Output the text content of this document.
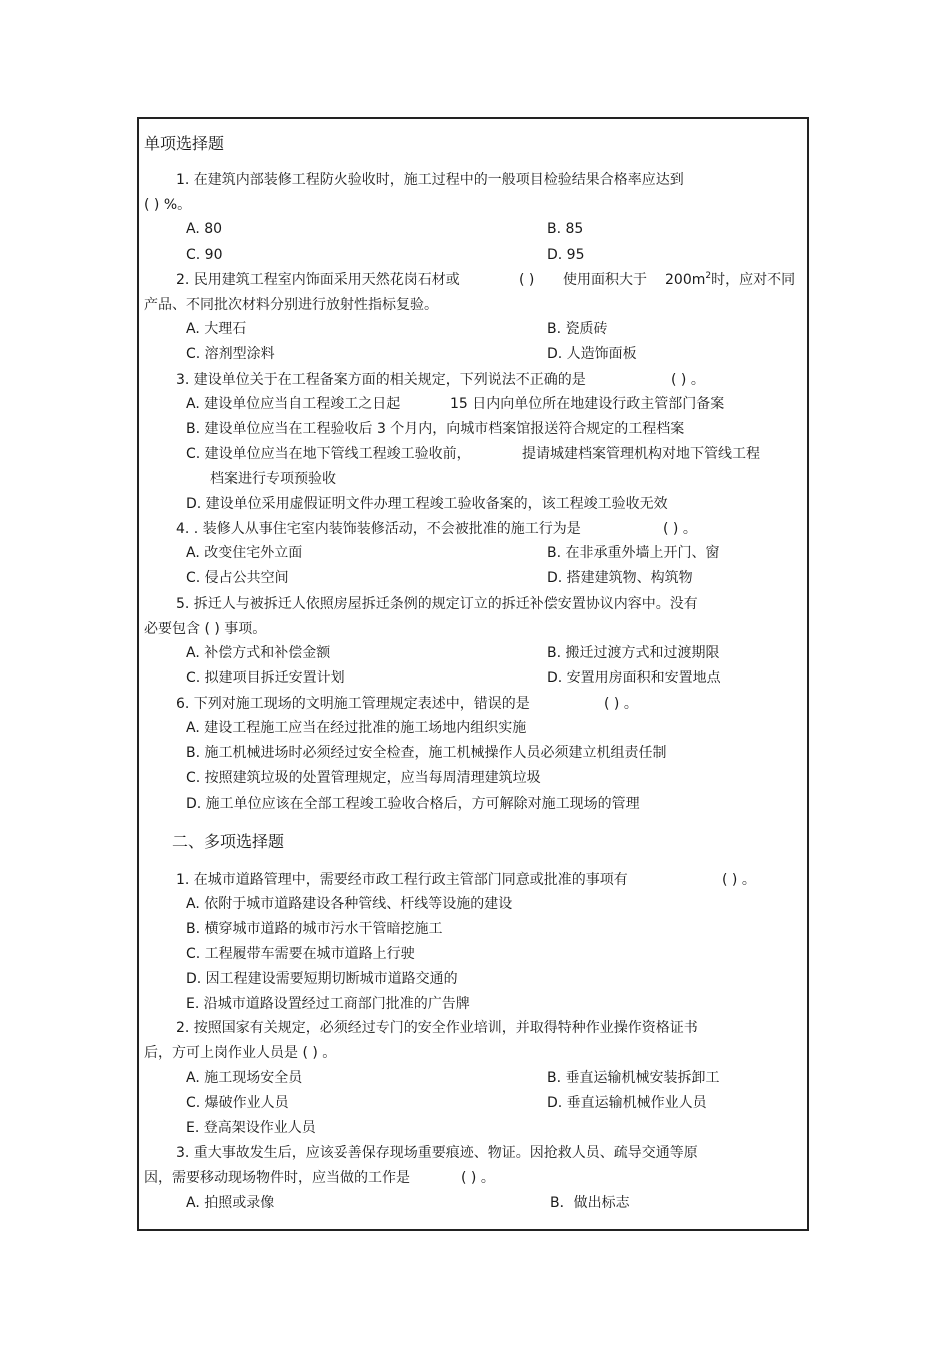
单项选择题
1. 在建筑内部装修工程防火验收时，施工过程中的一般项目检验结果合格率应达到
( ) %。
A. 80	B. 85
C. 90	D. 95
2. 民用建筑工程室内饰面采用天然花岗石材或	( ) 使用面积大于 $200m^2$时，应对不同
产品、不同批次材料分别进行放射性指标复验。
A. 大理石	B. 瓷质砖
C. 溶剂型涂料	D. 人造饰面板
3. 建设单位关于在工程备案方面的相关规定，下列说法不正确的是	( ) 。
A. 建设单位应当自工程竣工之日起	15 日内向单位所在地建设行政主管部门备案
B. 建设单位应当在工程验收后 3 个月内，向城市档案馆报送符合规定的工程档案
C. 建设单位应当在地下管线工程竣工验收前，	提请城建档案管理机构对地下管线工程
档案进行专项预验收
D. 建设单位采用虚假证明文件办理工程竣工验收备案的，该工程竣工验收无效
4. . 装修人从事住宅室内装饰装修活动，不会被批准的施工行为是	( ) 。
A. 改变住宅外立面	B. 在非承重外墙上开门、窗
C. 侵占公共空间	D. 搭建建筑物、构筑物
5. 拆迁人与被拆迁人依照房屋拆迁条例的规定订立的拆迁补偿安置协议内容中。没有
必要包含 ( ) 事项。
A. 补偿方式和补偿金额	B. 搬迁过渡方式和过渡期限
C. 拟建项目拆迁安置计划	D. 安置用房面积和安置地点
6. 下列对施工现场的文明施工管理规定表述中，错误的是	( ) 。
A. 建设工程施工应当在经过批准的施工场地内组织实施
B. 施工机械进场时必须经过安全检查，施工机械操作人员必须建立机组责任制
C. 按照建筑垃圾的处置管理规定，应当每周清理建筑垃圾
D. 施工单位应该在全部工程竣工验收合格后，方可解除对施工现场的管理
二、多项选择题
1. 在城市道路管理中，需要经市政工程行政主管部门同意或批准的事项有	( ) 。
A. 依附于城市道路建设各种管线、杆线等设施的建设
B. 横穿城市道路的城市污水干管暗挖施工
C. 工程履带车需要在城市道路上行驶
D. 因工程建设需要短期切断城市道路交通的
E. 沿城市道路设置经过工商部门批准的广告牌
2. 按照国家有关规定，必须经过专门的安全作业培训，并取得特种作业操作资格证书
后，方可上岗作业人员是 ( ) 。
A. 施工现场安全员	B. 垂直运输机械安装拆卸工
C. 爆破作业人员	D. 垂直运输机械作业人员
E. 登高架设作业人员
3. 重大事故发生后，应该妥善保存现场重要痕迹、物证。因抢救人员、疏导交通等原
因，需要移动现场物件时，应当做的工作是	( ) 。
A. 拍照或录像	B．做出标志
